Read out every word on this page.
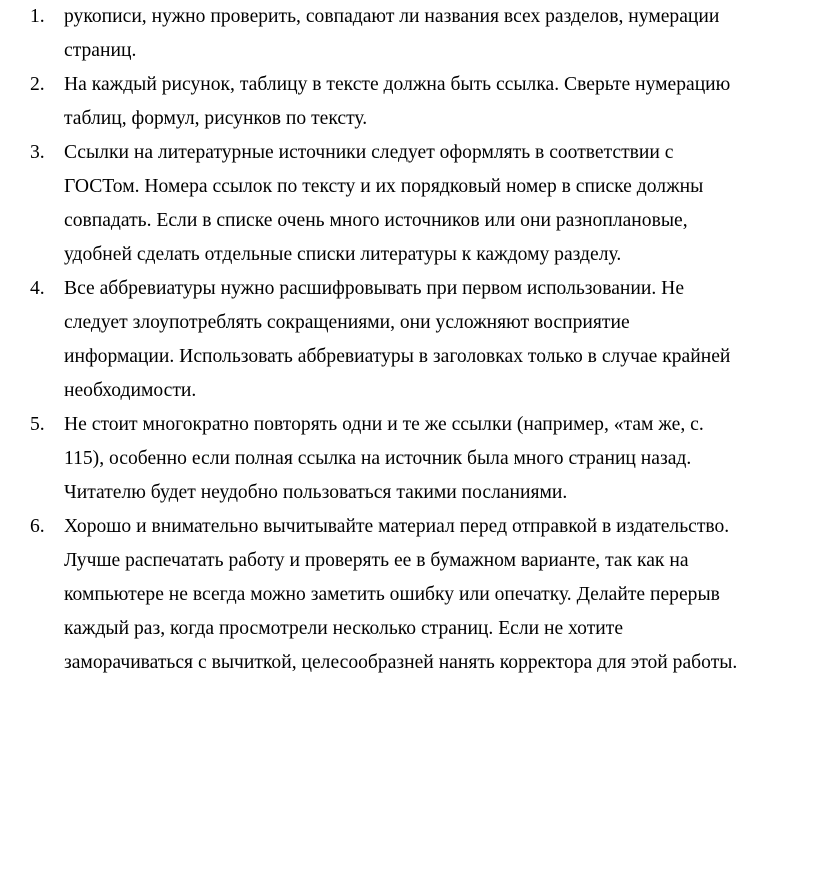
1. рукописи, нужно проверить, совпадают ли названия всех разделов, нумерации
страниц.
2. На каждый рисунок, таблицу в тексте должна быть ссылка. Сверьте нумерацию
таблиц, формул, рисунков по тексту.
3. Ссылки на литературные источники следует оформлять в соответствии с
ГОСТом. Номера ссылок по тексту и их порядковый номер в списке должны
совпадать. Если в списке очень много источников или они разноплановые,
удобней сделать отдельные списки литературы к каждому разделу.
4. Все аббревиатуры нужно расшифровывать при первом использовании. Не
следует злоупотреблять сокращениями, они усложняют восприятие
информации. Использовать аббревиатуры в заголовках только в случае крайней
необходимости.
5. Не стоит многократно повторять одни и те же ссылки (например, «там же, с.
115), особенно если полная ссылка на источник была много страниц назад.
Читателю будет неудобно пользоваться такими посланиями.
6. Хорошо и внимательно вычитывайте материал перед отправкой в издательство.
Лучше распечатать работу и проверять ее в бумажном варианте, так как на
компьютере не всегда можно заметить ошибку или опечатку. Делайте перерыв
каждый раз, когда просмотрели несколько страниц. Если не хотите
заморачиваться с вычиткой, целесообразней нанять корректора для этой работы.
